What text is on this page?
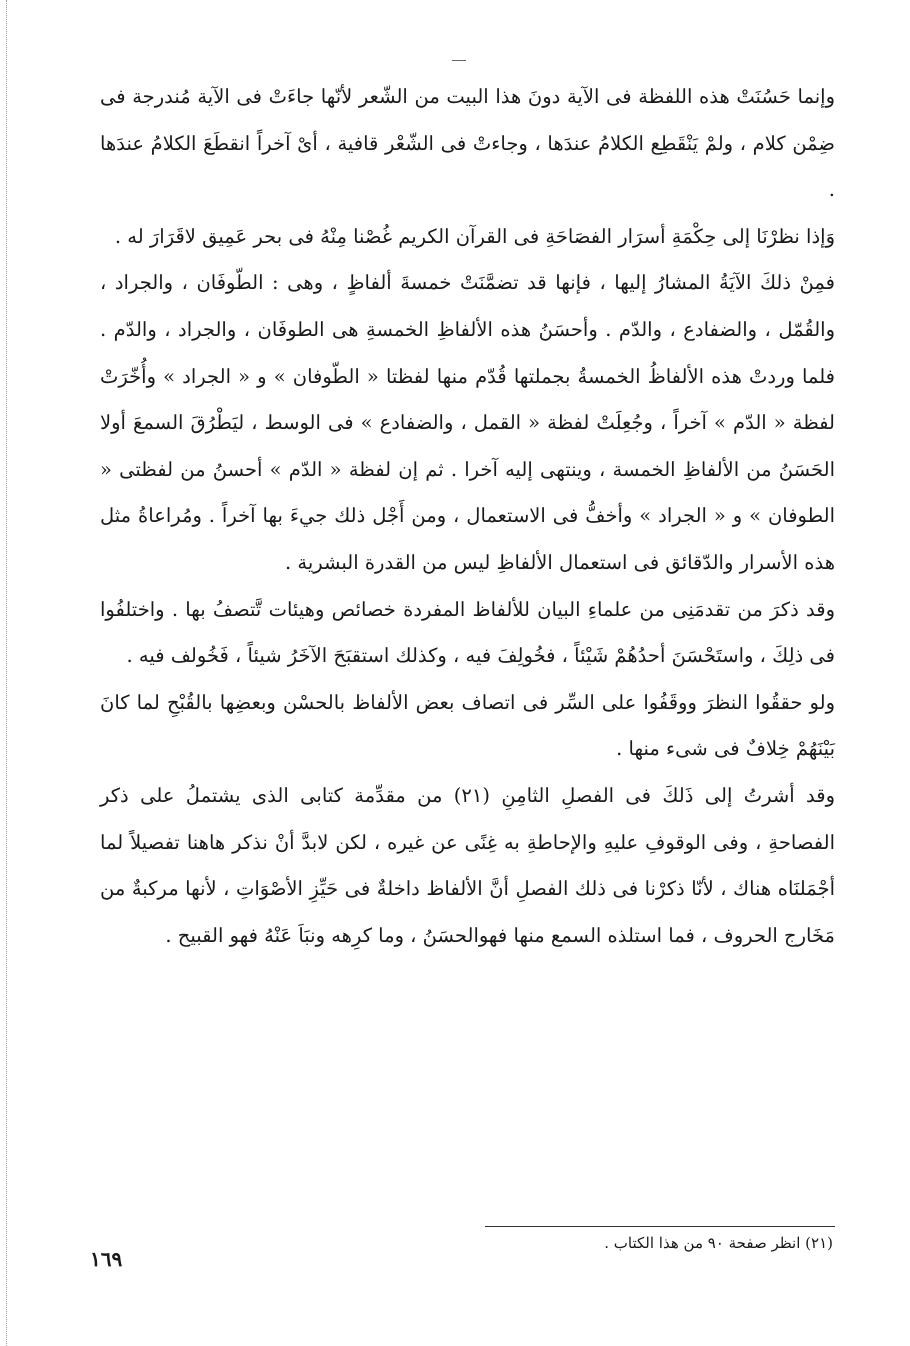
وإنما حَسُنَتْ هذه اللفظة فى الآية دونَ هذا البيت من الشّعر لأنّها جاءَتْ فى الآية مُندرجة فى ضِمْن كلام ، ولمْ يَنْقَطِع الكلامُ عندَها ، وجاءتْ فى الشّعْر قافية ، أىْ آخراً انقطَعَ الكلامُ عندَها .

وَإذا نظرْنَا إلى حِكْمَةِ أسرَار الفصَاحَةِ فى القرآن الكريم غُصْنا مِنْهُ فى بحر عَمِيق لاقَرَارَ له .

فمِنْ ذلكَ الآيَةُ المشارُ إليها ، فإنها قد تضمَّنَتْ خمسةَ ألفاظٍ ، وهى : الطّوفَان ، والجراد ، والقُمّل ، والضفادع ، والدّم . وأحسَنُ هذه الألفاظِ الخمسةِ هى الطوفَان ، والجراد ، والدّم . فلما وردتْ هذه الألفاظُ الخمسةُ بجملتها قُدّم منها لفظتا « الطّوفان » و « الجراد » وأُخّرَتْ لفظة « الدّم » آخراً ، وجُعِلَتْ لفظة « القمل ، والضفادع » فى الوسط ، ليَطْرُقَ السمعَ أولا الحَسَنُ من الألفاظِ الخمسة ، وينتهى إليه آخرا . ثم إن لفظة « الدّم » أحسنُ من لفظتى « الطوفان » و « الجراد » وأخفُّ فى الاستعمال ، ومن أَجْل ذلك جيءَ بها آخراً . ومُراعاةُ مثل هذه الأسرار والدّقائق فى استعمال الألفاظِ ليس من القدرة البشرية .

وقد ذكرَ من تقدمَنِى من علماءِ البيان للألفاظ المفردة خصائص وهيئات تَّتصفُ بها . واختلفُوا فى ذلِكَ ، واستَحْسَنَ أحدُهُمْ شَيْئاً ، فخُولِفَ فيه ، وكذلك استقبَحَ الآخَرُ شيئاً ، فَخُولف فيه .

ولو حققُوا النظرَ ووقَفُوا على السِّر فى اتصاف بعض الألفاظ بالحسْن وبعضِها بالقُبْحِ لما كانَ بَيْنَهُمْ خِلافٌ فى شىء منها .

وقد أشرتُ إلى ذَلكَ فى الفصلِ الثامِنِ (٢١) من مقدِّمة كتابى الذى يشتملُ على ذكر الفصاحةِ ، وفى الوقوفِ عليهِ والإحاطةِ به غِنًى عن غيره ، لكن لابدَّ أنْ نذكر هاهنا تفصيلاً لما أجْمَلنَاه هناك ، لأنّا ذكرْنا فى ذلك الفصلِ أنَّ الألفاظ داخلةٌ فى حَيِّزِ الأصْوَاتِ ، لأنها مركبةٌ من مَخَارج الحروف ، فما استلذه السمع منها فهوالحسَنُ ، وما كرِهه ونبَاَ عَنْهُ فهو القبيح .

(٢١) انظر صفحة ٩٠ من هذا الكتاب .
١٦٩
